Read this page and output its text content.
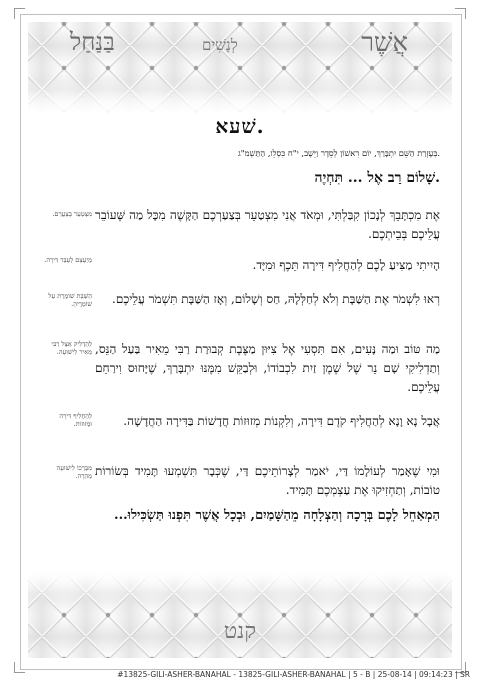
אֲשֶׁר
לְנָשִׁים
בַּנַּחַל
שׁעא.
בְּעֶזְרַת הַשֵּׁם יִתְבָּרַךְ, יוֹם רִאשׁוֹן לְסֵדֶר וַיֵּשֶׁב, י"ח כִּסְלֵו, הַתַּשְׁמ"ג.
שָׁלוֹם רַב אֶל ... תִּחְיֶה.
אֶת מִכְתָּבֵךְ לְנָכוֹן קִבַּלְתִּי, וּמְאֹד אֲנִי מִצְטַעֵר בְּצַעַרְכֶם הַקָּשֶׁה מִכָּל מַה שֶּׁעוֹבֵר עֲלֵיכֶם בְּבֵיתְכֶם.
מִצְטַעֵר בְּצַעֲרָם.
הָיִיתִי מַצִּיעַ לָכֶם לְהַחֲלִיף דִּירָה תֵּכֶף וּמִיָּד.
מַיְעָצָם לְעַבֵּר דִּירָה.
רְאוּ לִשְׁמֹר אֶת הַשַּׁבָּת וְלֹא לְחַלְּלָהּ, חַס וְשָׁלוֹם, וְאָז הַשַּׁבָּת תִּשְׁמֹר עֲלֵיכֶם.
הַשַּׁבָּת שׁוֹמֶרֶת עַל שׁוֹמְרֶיהָ.
מַה טּוֹב וּמַה נָּעִים, אִם תִּסְעִי אֶל צִיּוּן מַצֶּבֶת קְבוּרַת רַבִּי מֵאִיר בַּעַל הַנֵּס, וְתַדְלִיקִי שָׁם נֵר שֶׁל שֶׁמֶן זַיִת לִכְבוֹדוֹ, וּלְבַקֵּשׁ מִמֶּנּוּ יִתְבָּרַךְ, שֶׁיָּחוּס וִירַחֵם עֲלֵיכֶם.
לְהַדְלִיק אֵצֶל רַבִּי מֵאִיר לִישׁוּעָה.
אֲבָל נָא וָנָא לְהַחֲלִיף קֹדֶם דִּירָה, וְלִקְנוֹת מְזוּזוֹת חֲדָשׁוֹת בַּדִּירָה הַחֲדָשָׁה.
לְהַחֲלִיף דִּירָה וּמְזוּזוֹת.
וּמִי שֶׁאָמַר לְעוֹלָמוֹ דַּי, יֹאמַר לְצָרוֹתֵיכֶם דַּי, שֶׁכְּבָר תִּשְׁמְעוּ תָּמִיד בְּשׂוֹרוֹת טוֹבוֹת, וְתַחְזִיקוּ אֶת עַצְמְכֶם תָּמִיד.
מִבְּרָכוֹ לִישׁוּעָה מְהֵרָה.
הַמְאַחֵל לָכֶם בְּרָכָה וְהַצְלָחָה מֵהַשָּׁמַיִם, וּבְכָל אֲשֶׁר תִּפְנוּ תַּשְׂכִּילוּ...
קנט
#13825-GILI-ASHER-BANAHAL - 13825-GILI-ASHER-BANAHAL | 5 - B | 25-08-14 | 09:14:23 | SR
